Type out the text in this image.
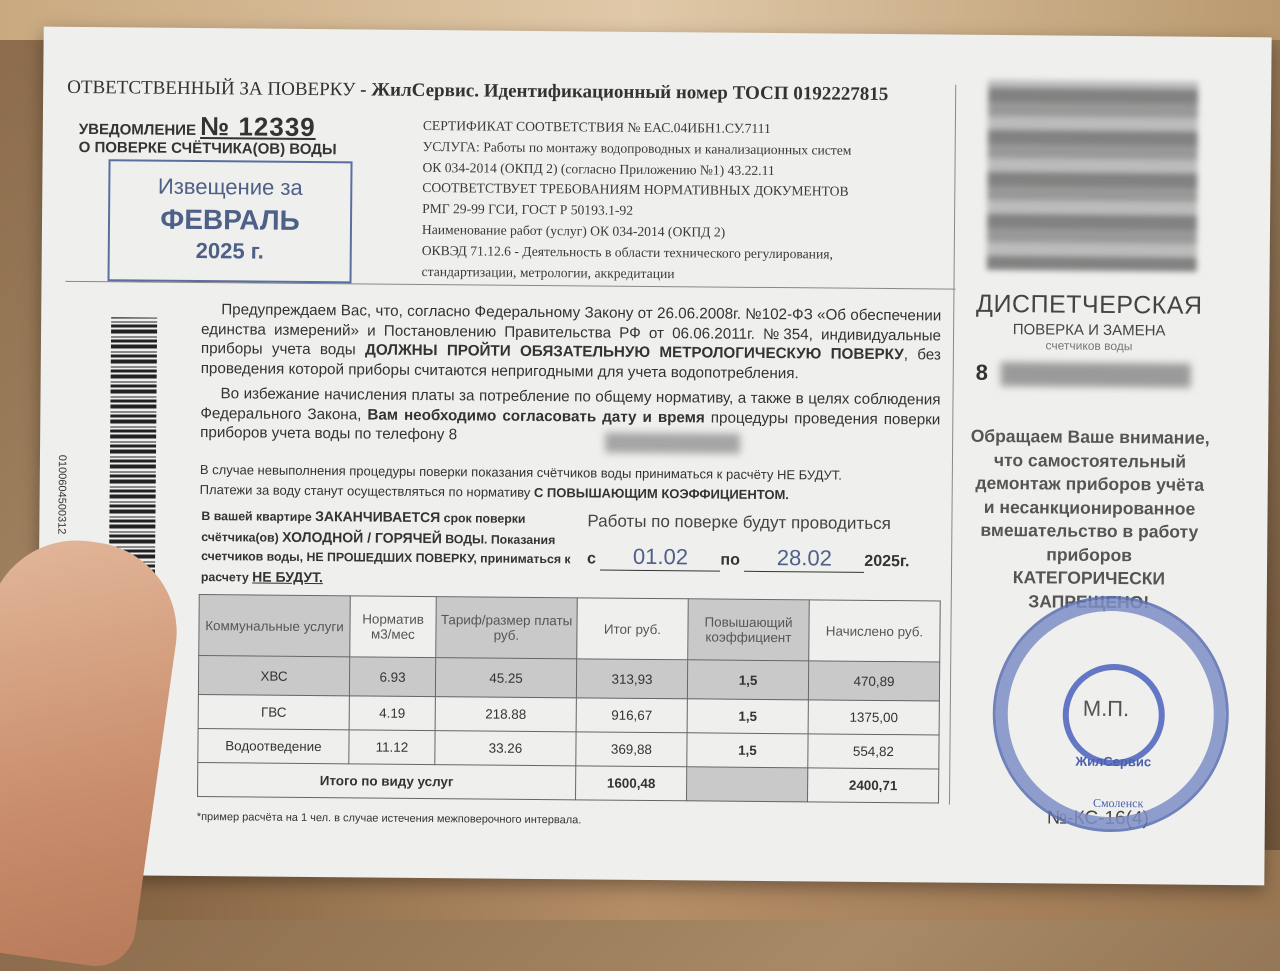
ОТВЕТСТВЕННЫЙ ЗА ПОВЕРКУ - ЖилСервис. Идентификационный номер ТОСП 0192227815
УВЕДОМЛЕНИЕ № 12339
О ПОВЕРКЕ СЧЁТЧИКА(ОВ) ВОДЫ
Извещение за
ФЕВРАЛЬ
2025 г.
СЕРТИФИКАТ СООТВЕТСТВИЯ № ЕАС.04ИБН1.СУ.7111
УСЛУГА: Работы по монтажу водопроводных и канализационных систем
ОК 034-2014 (ОКПД 2) (согласно Приложению №1) 43.22.11
СООТВЕТСТВУЕТ ТРЕБОВАНИЯМ НОРМАТИВНЫХ ДОКУМЕНТОВ
РМГ 29-99 ГСИ, ГОСТ Р 50193.1-92
Наименование работ (услуг) ОК 034-2014 (ОКПД 2)
ОКВЭД 71.12.6 - Деятельность в области технического регулирования,
стандартизации, метрологии, аккредитации
ДИСПЕТЧЕРСКАЯ
ПОВЕРКА И ЗАМЕНА
счетчиков воды
8
Обращаем Ваше внимание, что самостоятельный демонтаж приборов учёта и несанкционированное вмешательство в работу приборов КАТЕГОРИЧЕСКИ ЗАПРЕЩЕНО!
0100604500312
Предупреждаем Вас, что, согласно Федеральному Закону от 26.06.2008г. №102-ФЗ «Об обеспечении единства измерений» и Постановлению Правительства РФ от 06.06.2011г. №354, индивидуальные приборы учета воды ДОЛЖНЫ ПРОЙТИ ОБЯЗАТЕЛЬНУЮ МЕТРОЛОГИЧЕСКУЮ ПОВЕРКУ, без проведения которой приборы считаются непригодными для учета водопотребления.
Во избежание начисления платы за потребление по общему нормативу, а также в целях соблюдения Федерального Закона, Вам необходимо согласовать дату и время процедуры проведения поверки приборов учета воды по телефону 8
В случае невыполнения процедуры поверки показания счётчиков воды приниматься к расчёту НЕ БУДУТ.
Платежи за воду станут осуществляться по нормативу С ПОВЫШАЮЩИМ КОЭФФИЦИЕНТОМ.
В вашей квартире ЗАКАНЧИВАЕТСЯ срок поверки счётчика(ов) ХОЛОДНОЙ / ГОРЯЧЕЙ ВОДЫ. Показания счетчиков воды, НЕ ПРОШЕДШИХ ПОВЕРКУ, приниматься к расчету НЕ БУДУТ.
Работы по поверке будут проводиться
с 01.02 по 28.02 2025г.
Коммунальные услуги	Норматив м3/мес	Тариф/размер платы руб.	Итог руб.	Повышающий коэффициент	Начислено руб.
ХВС	6.93	45.25	313,93	1,5	470,89
ГВС	4.19	218.88	916,67	1,5	1375,00
Водоотведение	11.12	33.26	369,88	1,5	554,82
Итого по виду услуг			1600,48		2400,71
*пример расчёта на 1 чел. в случае истечения межповерочного интервала.	№-КС-16(4)
М.П.
ЖилСервис
Смоленск
